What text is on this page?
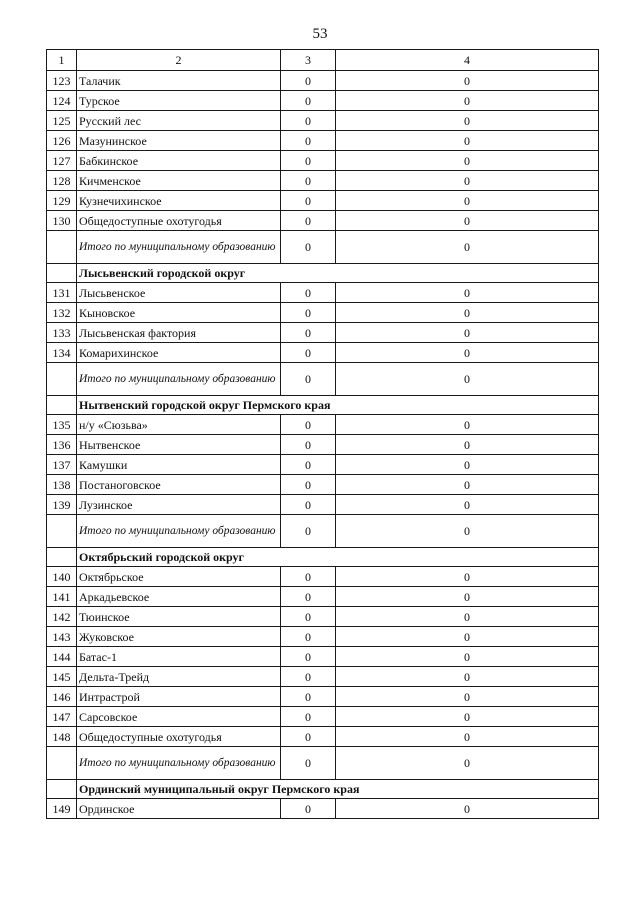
53
1	2	3	4
123	Талачик	0	0
124	Турское	0	0
125	Русский лес	0	0
126	Мазунинское	0	0
127	Бабкинское	0	0
128	Кичменское	0	0
129	Кузнечихинское	0	0
130	Общедоступные охотугодья	0	0
	Итого по муниципальному образованию	0	0
	Лысьвенский городской округ		
131	Лысьвенское	0	0
132	Кыновское	0	0
133	Лысьвенская фактория	0	0
134	Комарихинское	0	0
	Итого по муниципальному образованию	0	0
	Нытвенский городской округ Пермского края		
135	н/у «Сюзьва»	0	0
136	Нытвенское	0	0
137	Камушки	0	0
138	Постаноговское	0	0
139	Лузинское	0	0
	Итого по муниципальному образованию	0	0
	Октябрьский городской округ		
140	Октябрьское	0	0
141	Аркадьевское	0	0
142	Тюинское	0	0
143	Жуковское	0	0
144	Батас-1	0	0
145	Дельта-Трейд	0	0
146	Интрастрой	0	0
147	Сарсовское	0	0
148	Общедоступные охотугодья	0	0
	Итого по муниципальному образованию	0	0
	Ординский муниципальный округ Пермского края		
149	Ординское	0	0
